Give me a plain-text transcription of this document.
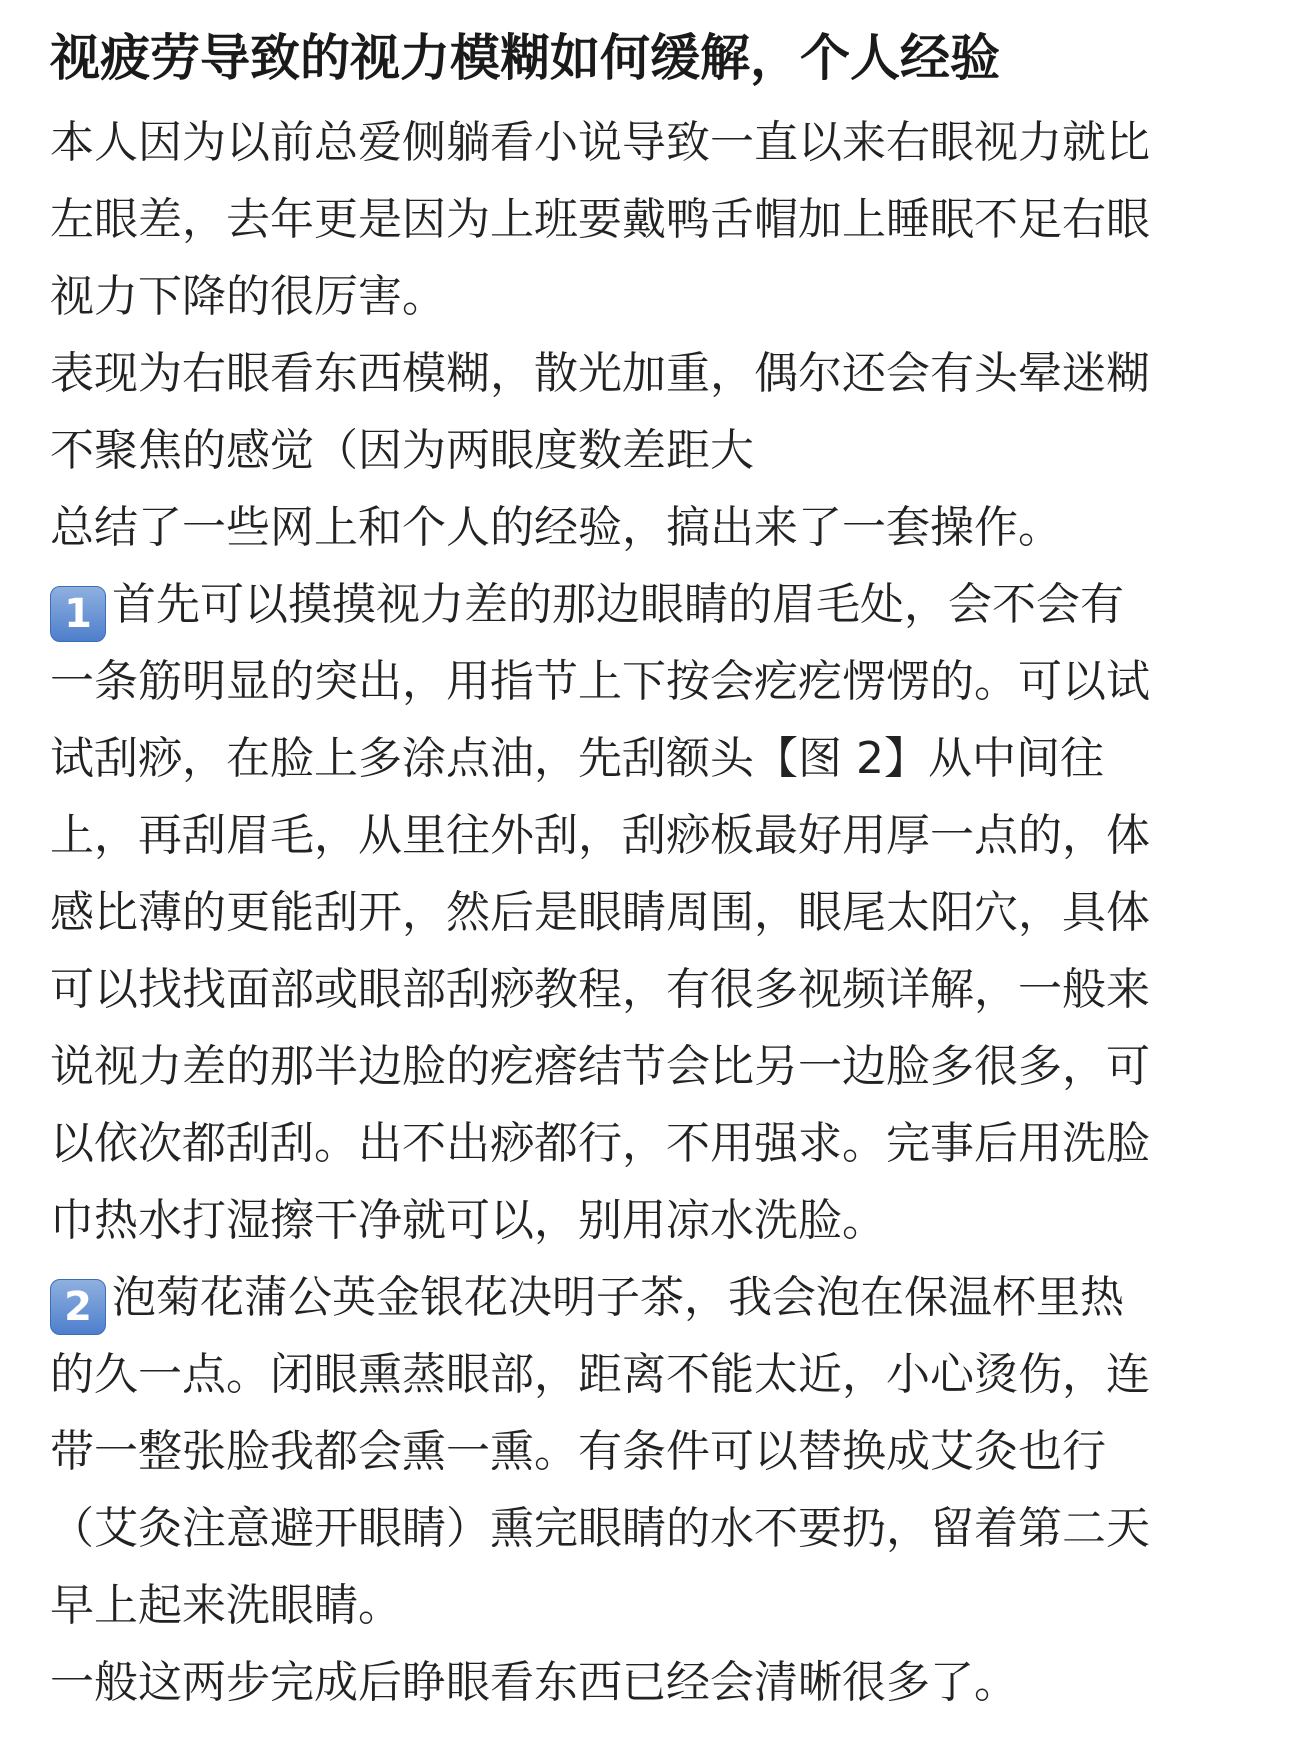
视疲劳导致的视力模糊如何缓解，个人经验
本人因为以前总爱侧躺看小说导致一直以来右眼视力就比
左眼差，去年更是因为上班要戴鸭舌帽加上睡眠不足右眼
视力下降的很厉害。
表现为右眼看东西模糊，散光加重，偶尔还会有头晕迷糊
不聚焦的感觉（因为两眼度数差距大
总结了一些网上和个人的经验，搞出来了一套操作。
1 首先可以摸摸视力差的那边眼睛的眉毛处，会不会有
一条筋明显的突出，用指节上下按会疙疙愣愣的。可以试
试刮痧，在脸上多涂点油，先刮额头【图 2】从中间往
上，再刮眉毛，从里往外刮，刮痧板最好用厚一点的，体
感比薄的更能刮开，然后是眼睛周围，眼尾太阳穴，具体
可以找找面部或眼部刮痧教程，有很多视频详解，一般来
说视力差的那半边脸的疙瘩结节会比另一边脸多很多，可
以依次都刮刮。出不出痧都行，不用强求。完事后用洗脸
巾热水打湿擦干净就可以，别用凉水洗脸。
2 泡菊花蒲公英金银花决明子茶，我会泡在保温杯里热
的久一点。闭眼熏蒸眼部，距离不能太近，小心烫伤，连
带一整张脸我都会熏一熏。有条件可以替换成艾灸也行
（艾灸注意避开眼睛）熏完眼睛的水不要扔，留着第二天
早上起来洗眼睛。
一般这两步完成后睁眼看东西已经会清晰很多了。
